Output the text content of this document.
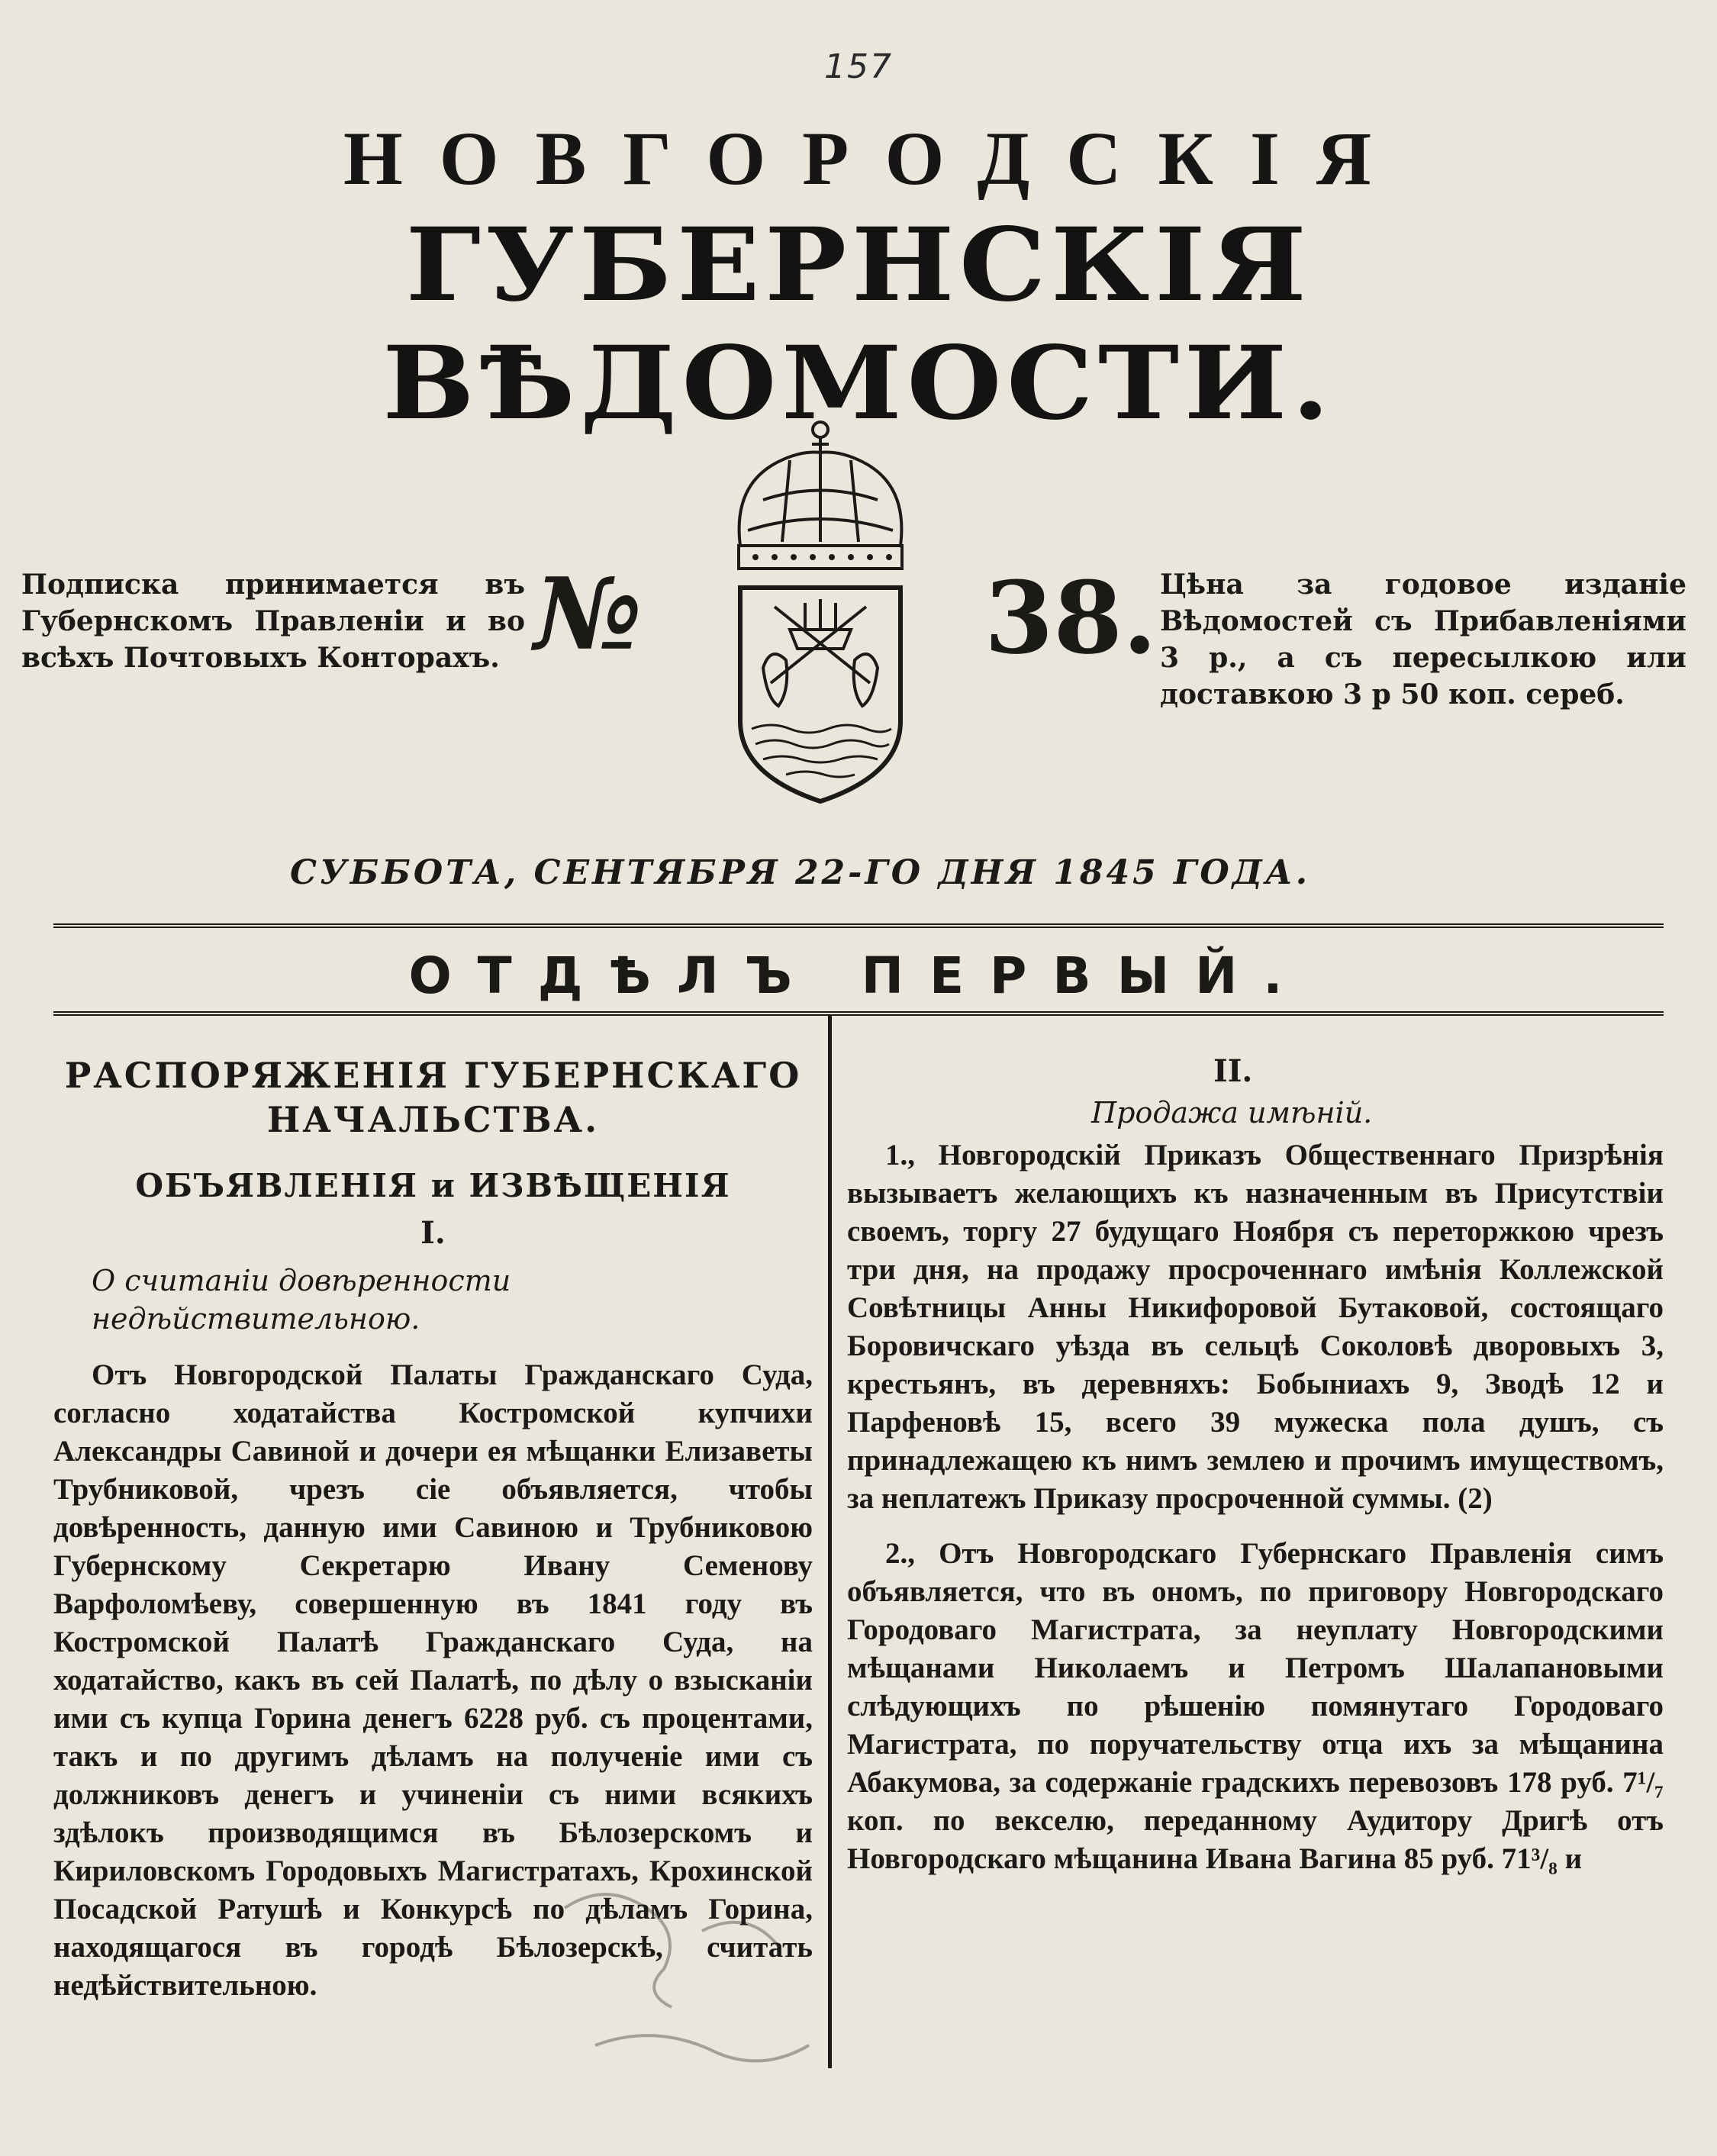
157
НОВГОРОДСКІЯ
ГУБЕРНСКІЯ ВѢДОМОСТИ.
Подписка принимается въ Губернскомъ Правленіи и во всѣхъ Почтовыхъ Конторахъ. №	38. Цѣна за годовое изданіе Вѣдомостей съ Прибавленіями 3 р., а съ пересылкою или доставкою 3 р 50 коп. сереб.
СУББОТА, СЕНТЯБРЯ 22-ГО ДНЯ 1845 ГОДА.
ОТДѢЛЪ ПЕРВЫЙ.
РАСПОРЯЖЕНІЯ ГУБЕРНСКАГО НАЧАЛЬСТВА.
ОБЪЯВЛЕНІЯ и ИЗВѢЩЕНІЯ
I.
О считаніи довѣренности недѣйствительною.

Отъ Новгородской Палаты Гражданскаго Суда, согласно ходатайства Костромской купчихи Александры Савиной и дочери ея мѣщанки Елизаветы Трубниковой, чрезъ сіе объявляется, чтобы довѣренность, данную ими Савиною и Трубниковою Губернскому Секретарю Ивану Семенову Варфоломѣеву, совершенную въ 1841 году въ Костромской Палатѣ Гражданскаго Суда, на ходатайство, какъ въ сей Палатѣ, по дѣлу о взысканіи ими съ купца Горина денегъ 6228 руб. съ процентами, такъ и по другимъ дѣламъ на полученіе ими съ должниковъ денегъ и учиненіи съ ними всякихъ здѣлокъ производящимся въ Бѣлозерскомъ и Кириловскомъ Городовыхъ Магистратахъ, Крохинской Посадской Ратушѣ и Конкурсѣ по дѣламъ Горина, находящагося въ городѣ Бѣлозерскѣ, считать недѣйствительною.

II.
Продажа имѣній.

1., Новгородскій Приказъ Общественнаго Призрѣнія вызываетъ желающихъ къ назначенным въ Присутствіи своемъ, торгу 27 будущаго Ноября съ переторжкою чрезъ три дня, на продажу просроченнаго имѣнія Коллежской Совѣтницы Анны Никифоровой Бутаковой, состоящаго Боровичскаго уѣзда въ сельцѣ Соколовѣ дворовыхъ 3, крестьянъ, въ деревняхъ: Бобыниахъ 9, Зводѣ 12 и Парфеновѣ 15, всего 39 мужеска пола душъ, съ принадлежащею къ нимъ землею и прочимъ имуществомъ, за неплатежъ Приказу просроченной суммы. (2)

2., Отъ Новгородскаго Губернскаго Правленія симъ объявляется, что въ ономъ, по приговору Новгородскаго Городоваго Магистрата, за неуплату Новгородскими мѣщанами Николаемъ и Петромъ Шалапановыми слѣдующихъ по рѣшенію помянутаго Городоваго Магистрата, по поручательству отца ихъ за мѣщанина Абакумова, за содержаніе градскихъ перевозовъ 178 руб. 7¹/₇ коп. по векселю, переданному Аудитору Дригѣ отъ Новгородскаго мѣщанина Ивана Вагина 85 руб. 71³/₈ и
